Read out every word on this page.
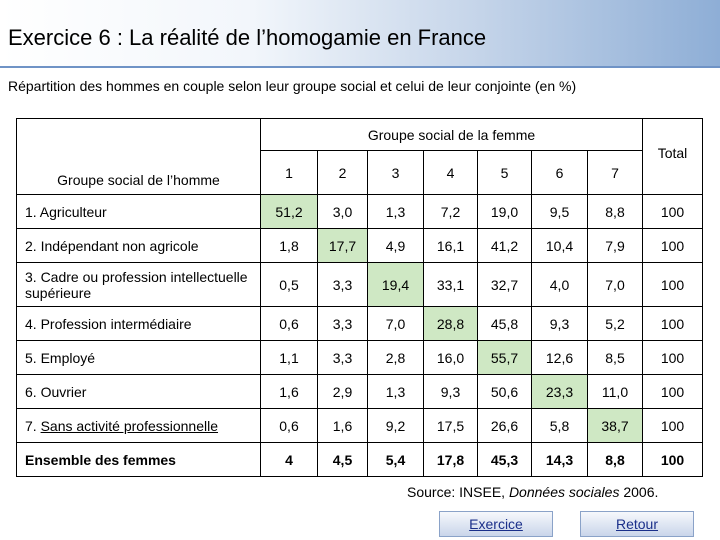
Exercice 6 : La réalité de l’homogamie en France
Répartition des hommes en couple selon leur groupe social et celui de leur conjointe (en %)
Groupe social de l’homme	Groupe social de la femme							Total
	1	2	3	4	5	6	7	
1. Agriculteur	51,2	3,0	1,3	7,2	19,0	9,5	8,8	100
2. Indépendant non agricole	1,8	17,7	4,9	16,1	41,2	10,4	7,9	100
3. Cadre ou profession intellectuelle supérieure	0,5	3,3	19,4	33,1	32,7	4,0	7,0	100
4. Profession intermédiaire	0,6	3,3	7,0	28,8	45,8	9,3	5,2	100
5. Employé	1,1	3,3	2,8	16,0	55,7	12,6	8,5	100
6. Ouvrier	1,6	2,9	1,3	9,3	50,6	23,3	11,0	100
7. Sans activité professionnelle	0,6	1,6	9,2	17,5	26,6	5,8	38,7	100
Ensemble des femmes	4	4,5	5,4	17,8	45,3	14,3	8,8	100
Source: INSEE, Données sociales 2006.
Exercice	Retour
